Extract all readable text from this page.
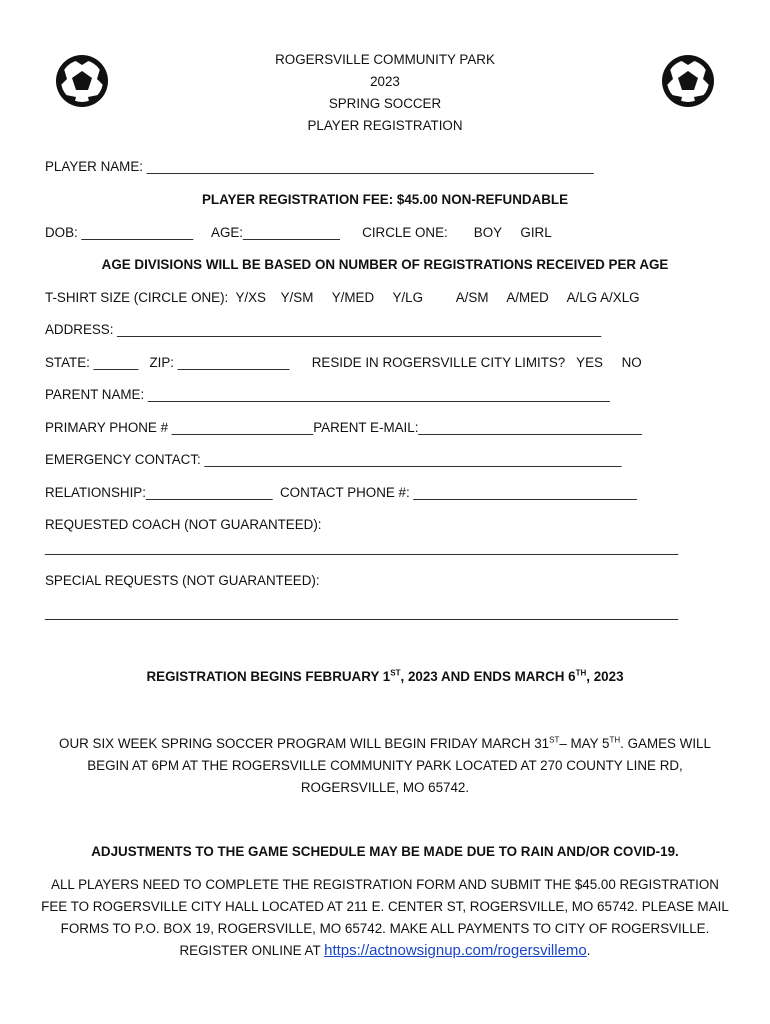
ROGERSVILLE COMMUNITY PARK
2023
SPRING SOCCER
PLAYER REGISTRATION
PLAYER NAME: ____________________________________________________________
PLAYER REGISTRATION FEE: $45.00 NON-REFUNDABLE
DOB: _______________     AGE:_____________      CIRCLE ONE:       BOY     GIRL
AGE DIVISIONS WILL BE BASED ON NUMBER OF REGISTRATIONS RECEIVED PER AGE
T-SHIRT SIZE (CIRCLE ONE):  Y/XS    Y/SM     Y/MED     Y/LG         A/SM     A/MED     A/LG A/XLG
ADDRESS: _________________________________________________________________
STATE: ______   ZIP: _______________      RESIDE IN ROGERSVILLE CITY LIMITS?   YES     NO
PARENT NAME: ______________________________________________________________
PRIMARY PHONE # ___________________PARENT E-MAIL:______________________________
EMERGENCY CONTACT: ________________________________________________________
RELATIONSHIP:_________________  CONTACT PHONE #: ______________________________
REQUESTED COACH (NOT GUARANTEED):
_____________________________________________________________________________________
SPECIAL REQUESTS (NOT GUARANTEED):
_____________________________________________________________________________________
REGISTRATION BEGINS FEBRUARY 1ST, 2023 AND ENDS MARCH 6TH, 2023
OUR SIX WEEK SPRING SOCCER PROGRAM WILL BEGIN FRIDAY MARCH 31ST– MAY 5TH. GAMES WILL BEGIN AT 6PM AT THE ROGERSVILLE COMMUNITY PARK LOCATED AT 270 COUNTY LINE RD, ROGERSVILLE, MO 65742.
ADJUSTMENTS TO THE GAME SCHEDULE MAY BE MADE DUE TO RAIN AND/OR COVID-19.
ALL PLAYERS NEED TO COMPLETE THE REGISTRATION FORM AND SUBMIT THE $45.00 REGISTRATION FEE TO ROGERSVILLE CITY HALL LOCATED AT 211 E. CENTER ST, ROGERSVILLE, MO 65742. PLEASE MAIL FORMS TO P.O. BOX 19, ROGERSVILLE, MO 65742. MAKE ALL PAYMENTS TO CITY OF ROGERSVILLE. REGISTER ONLINE AT https://actnowsignup.com/rogersvillemo.
